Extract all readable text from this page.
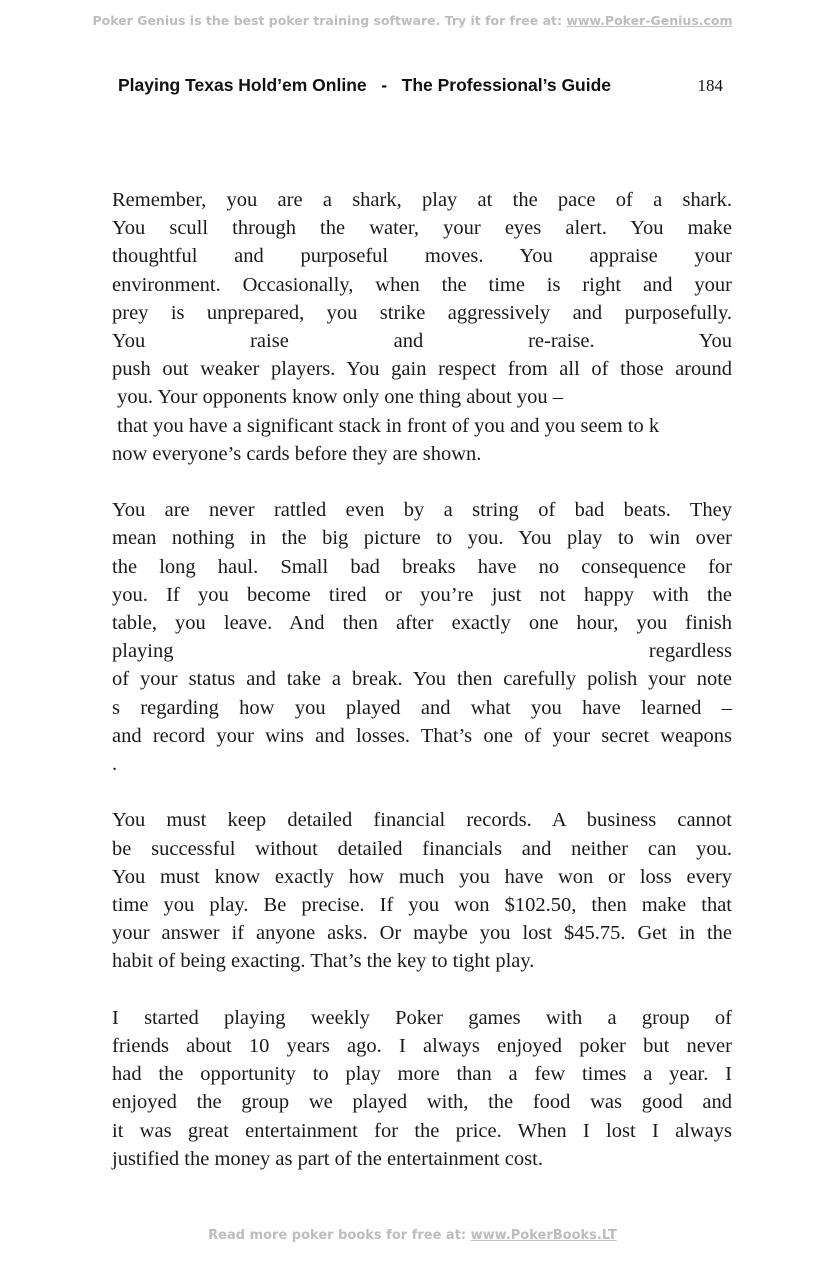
Poker Genius is the best poker training software. Try it for free at: www.Poker-Genius.com
Playing Texas Hold’em Online   -   The Professional’s Guide	184

Remember, you are a shark, play at the pace of a shark.
You scull through the water, your eyes alert. You make
thoughtful and purposeful moves. You appraise your
environment. Occasionally, when the time is right and your
prey is unprepared, you strike aggressively and purposefully.
You raise and re-raise. You
push out weaker players. You gain respect from all of those around
you. Your opponents know only one thing about you –
that you have a significant stack in front of you and you seem to k
now everyone’s cards before they are shown.

You are never rattled even by a string of bad beats. They
mean nothing in the big picture to you. You play to win over
the long haul. Small bad breaks have no consequence for
you. If you become tired or you’re just not happy with the
table, you leave. And then after exactly one hour, you finish
playing regardless
of your status and take a break. You then carefully polish your note
s regarding how you played and what you have learned –
and record your wins and losses. That’s one of your secret weapons
.

You must keep detailed financial records. A business cannot
be successful without detailed financials and neither can you.
You must know exactly how much you have won or loss every
time you play. Be precise. If you won $102.50, then make that
your answer if anyone asks. Or maybe you lost $45.75. Get in the
habit of being exacting. That’s the key to tight play.

I started playing weekly Poker games with a group of
friends about 10 years ago. I always enjoyed poker but never
had the opportunity to play more than a few times a year. I
enjoyed the group we played with, the food was good and
it was great entertainment for the price. When I lost I always
justified the money as part of the entertainment cost.

Read more poker books for free at: www.PokerBooks.LT
